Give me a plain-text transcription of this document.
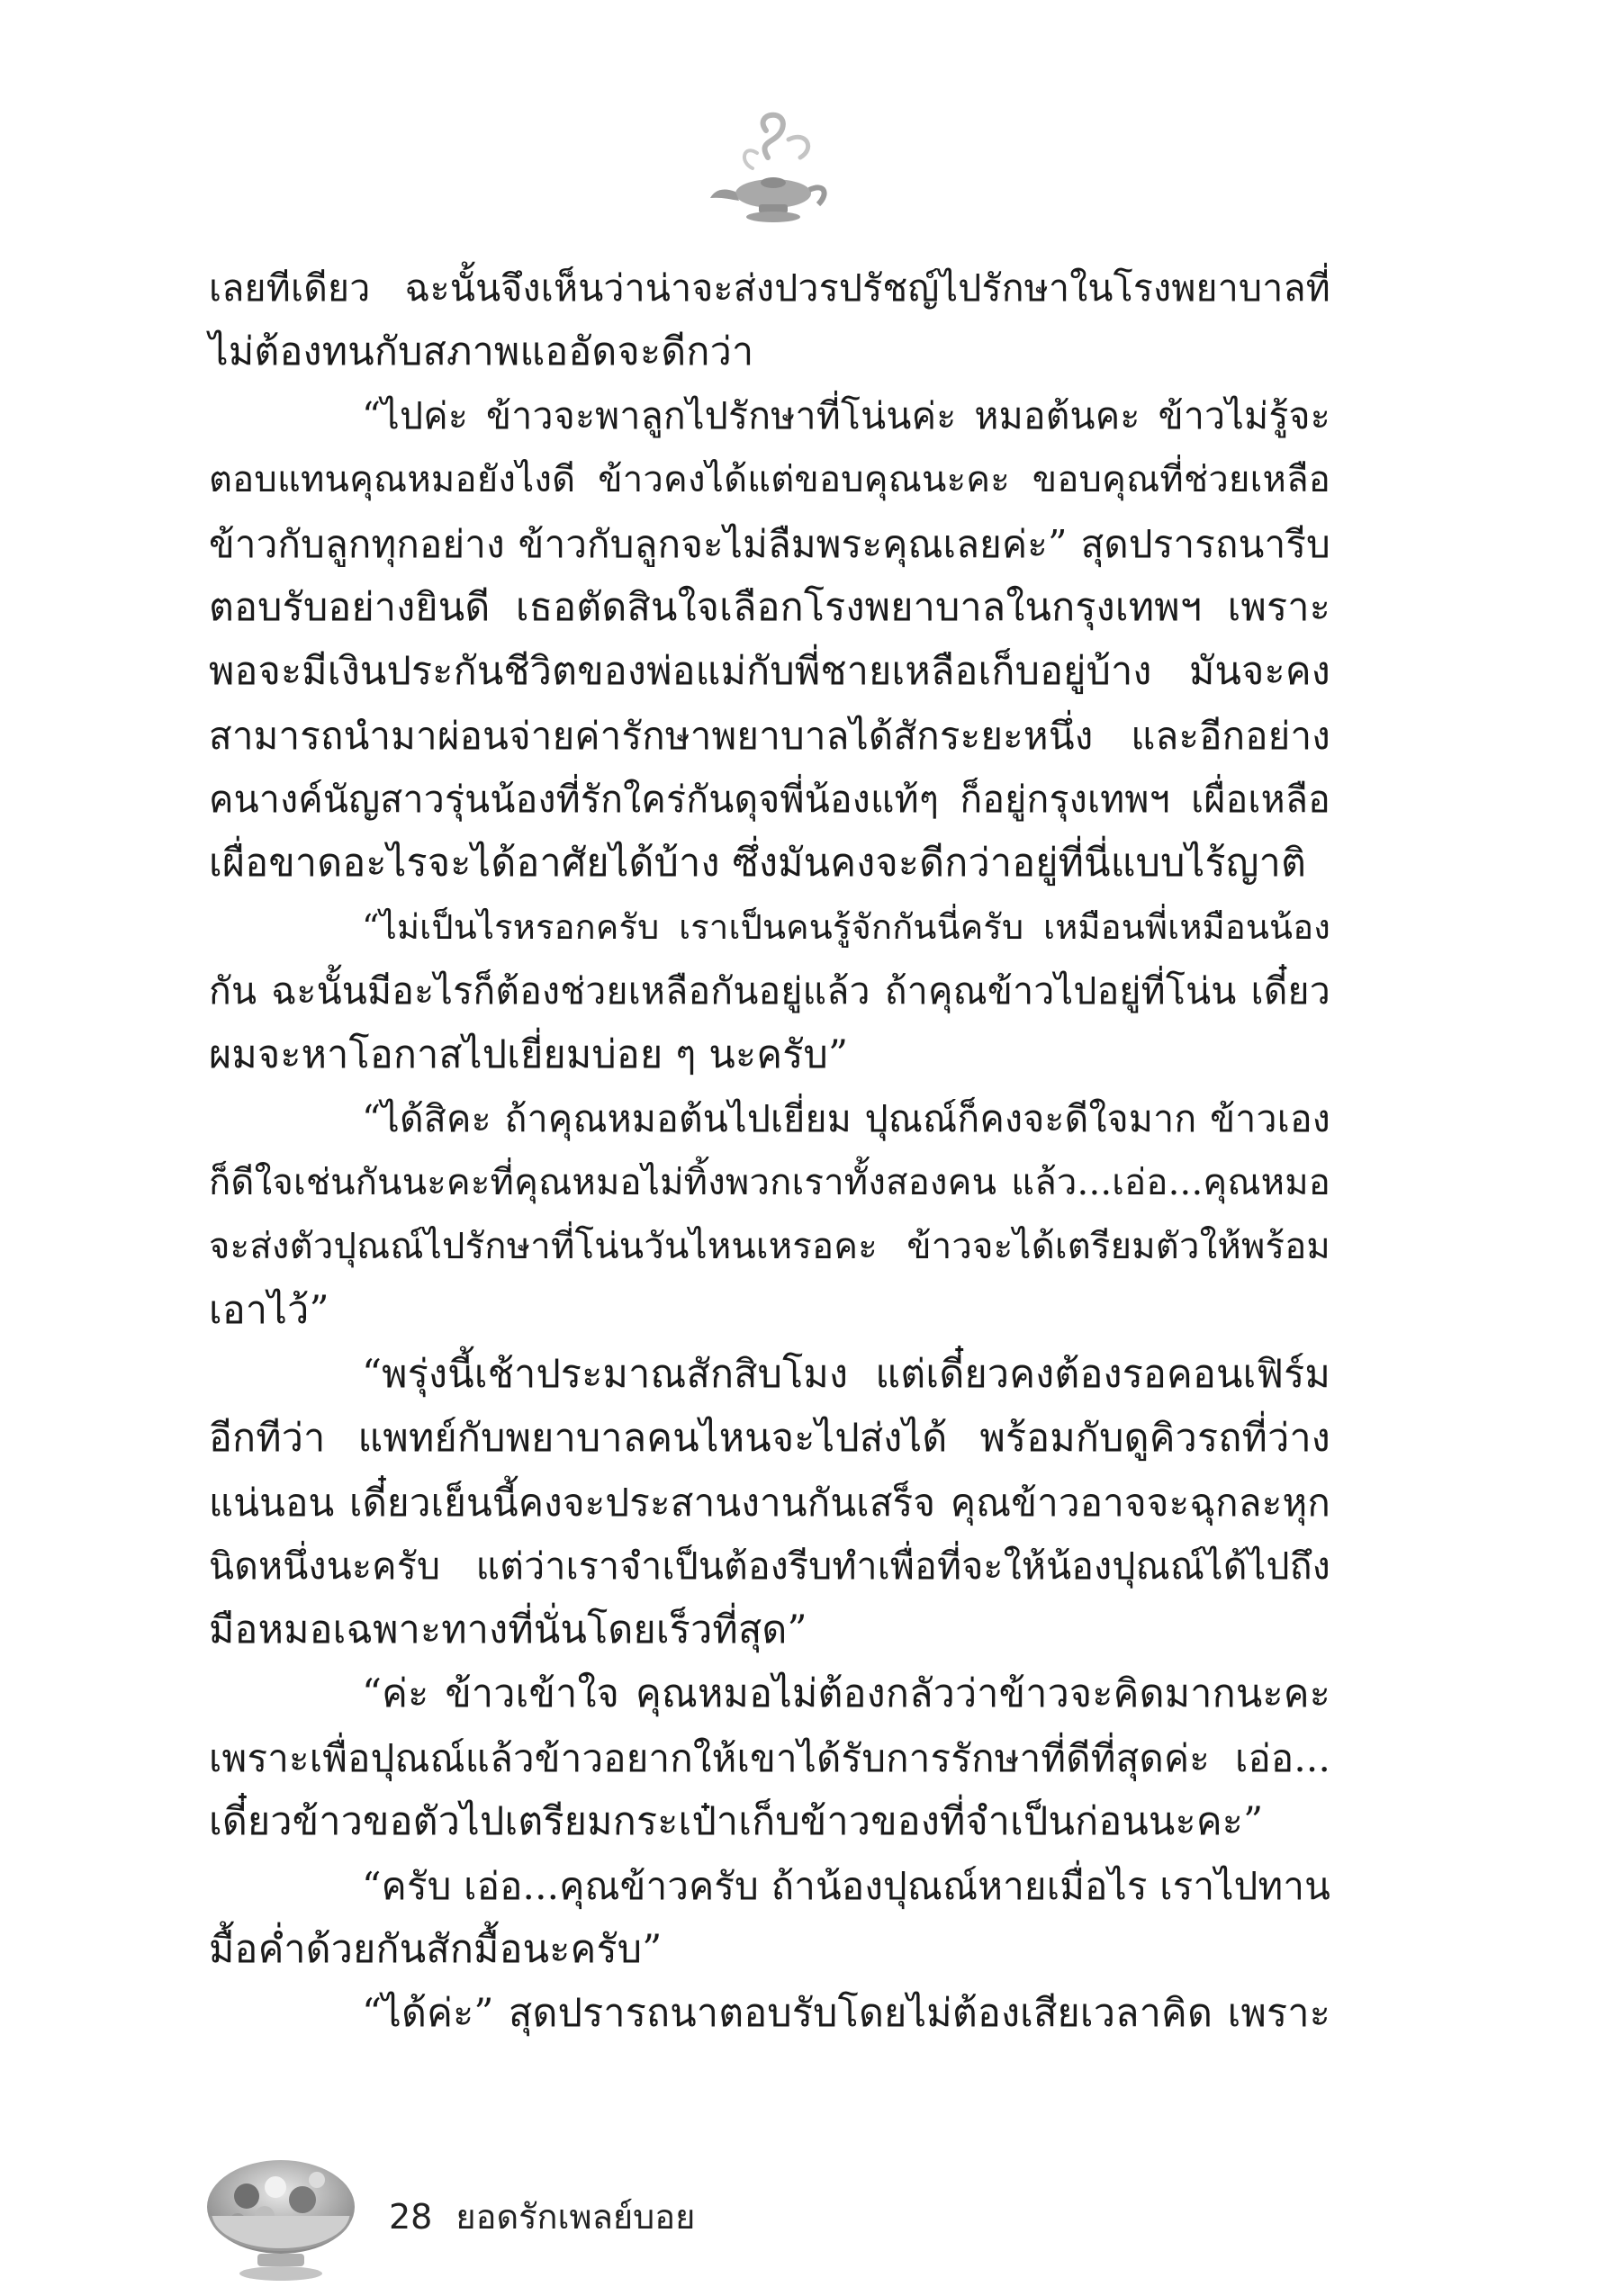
เลยทีเดียว ฉะนั้นจึงเห็นว่าน่าจะส่งปวรปรัชญ์ไปรักษาในโรงพยาบาลที่
ไม่ต้องทนกับสภาพแออัดจะดีกว่า
“ไปค่ะ ข้าวจะพาลูกไปรักษาที่โน่นค่ะ หมอต้นคะ ข้าวไม่รู้จะ
ตอบแทนคุณหมอยังไงดี ข้าวคงได้แต่ขอบคุณนะคะ ขอบคุณที่ช่วยเหลือ
ข้าวกับลูกทุกอย่าง ข้าวกับลูกจะไม่ลืมพระคุณเลยค่ะ” สุดปรารถนารีบ
ตอบรับอย่างยินดี เธอตัดสินใจเลือกโรงพยาบาลในกรุงเทพฯ เพราะ
พอจะมีเงินประกันชีวิตของพ่อแม่กับพี่ชายเหลือเก็บอยู่บ้าง มันจะคง
สามารถนำมาผ่อนจ่ายค่ารักษาพยาบาลได้สักระยะหนึ่ง และอีกอย่าง
คนางค์นัญสาวรุ่นน้องที่รักใคร่กันดุจพี่น้องแท้ๆ ก็อยู่กรุงเทพฯ เผื่อเหลือ
เผื่อขาดอะไรจะได้อาศัยได้บ้าง ซึ่งมันคงจะดีกว่าอยู่ที่นี่แบบไร้ญาติ
“ไม่เป็นไรหรอกครับ เราเป็นคนรู้จักกันนี่ครับ เหมือนพี่เหมือนน้อง
กัน ฉะนั้นมีอะไรก็ต้องช่วยเหลือกันอยู่แล้ว ถ้าคุณข้าวไปอยู่ที่โน่น เดี๋ยว
ผมจะหาโอกาสไปเยี่ยมบ่อย ๆ นะครับ”
“ได้สิคะ ถ้าคุณหมอต้นไปเยี่ยม ปุณณ์ก็คงจะดีใจมาก ข้าวเอง
ก็ดีใจเช่นกันนะคะที่คุณหมอไม่ทิ้งพวกเราทั้งสองคน แล้ว...เอ่อ...คุณหมอ
จะส่งตัวปุณณ์ไปรักษาที่โน่นวันไหนเหรอคะ ข้าวจะได้เตรียมตัวให้พร้อม
เอาไว้”
“พรุ่งนี้เช้าประมาณสักสิบโมง แต่เดี๋ยวคงต้องรอคอนเฟิร์ม
อีกทีว่า แพทย์กับพยาบาลคนไหนจะไปส่งได้ พร้อมกับดูคิวรถที่ว่าง
แน่นอน เดี๋ยวเย็นนี้คงจะประสานงานกันเสร็จ คุณข้าวอาจจะฉุกละหุก
นิดหนึ่งนะครับ แต่ว่าเราจำเป็นต้องรีบทำเพื่อที่จะให้น้องปุณณ์ได้ไปถึง
มือหมอเฉพาะทางที่นั่นโดยเร็วที่สุด”
“ค่ะ ข้าวเข้าใจ คุณหมอไม่ต้องกลัวว่าข้าวจะคิดมากนะคะ
เพราะเพื่อปุณณ์แล้วข้าวอยากให้เขาได้รับการรักษาที่ดีที่สุดค่ะ เอ่อ...
เดี๋ยวข้าวขอตัวไปเตรียมกระเป๋าเก็บข้าวของที่จำเป็นก่อนนะคะ”
“ครับ เอ่อ...คุณข้าวครับ ถ้าน้องปุณณ์หายเมื่อไร เราไปทาน
มื้อค่ำด้วยกันสักมื้อนะครับ”
“ได้ค่ะ” สุดปรารถนาตอบรับโดยไม่ต้องเสียเวลาคิด เพราะ
28 ยอดรักเพลย์บอย
